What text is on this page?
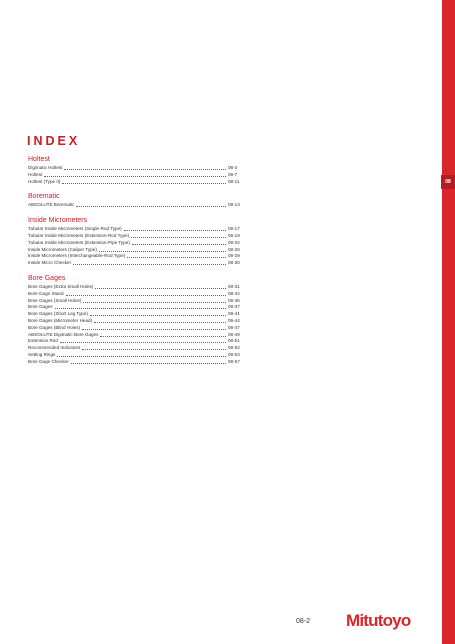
08
INDEX
Holtest
Digimatic Holtest	08-3
Holtest	08-7
Holtest (Type II)	08-11
Borematic
ABSOLUTE Borematic	08-13
Inside Micrometers
Tubular Inside Micrometers (Single-Rod Type)	08-17
Tubular Inside Micrometers (Extension-Rod Type)	08-19
Tubular Inside Micrometers (Extension-Pipe Type)	08-22
Inside Micrometers (Caliper Type)	08-26
Inside Micrometers (Interchangeable-Rod Type)	08-29
Inside Micro Checker	08-30
Bore Gages
Bore Gages (Extra Small Holes)	08-31
Bore Gage Stand	08-34
Bore Gages (Small Holes)	08-35
Bore Gages	08-37
Bore Gages (Short Leg Type)	08-41
Bore Gages (Micrometer Head)	08-44
Bore Gages (Blind Holes)	08-47
ABSOLUTE Digimatic Bore Gages	08-49
Extension Rod	08-51
Recommended Indicators	08-52
Setting Rings	08-53
Bore Gage Checker	08-57
08-2 Mitutoyo
